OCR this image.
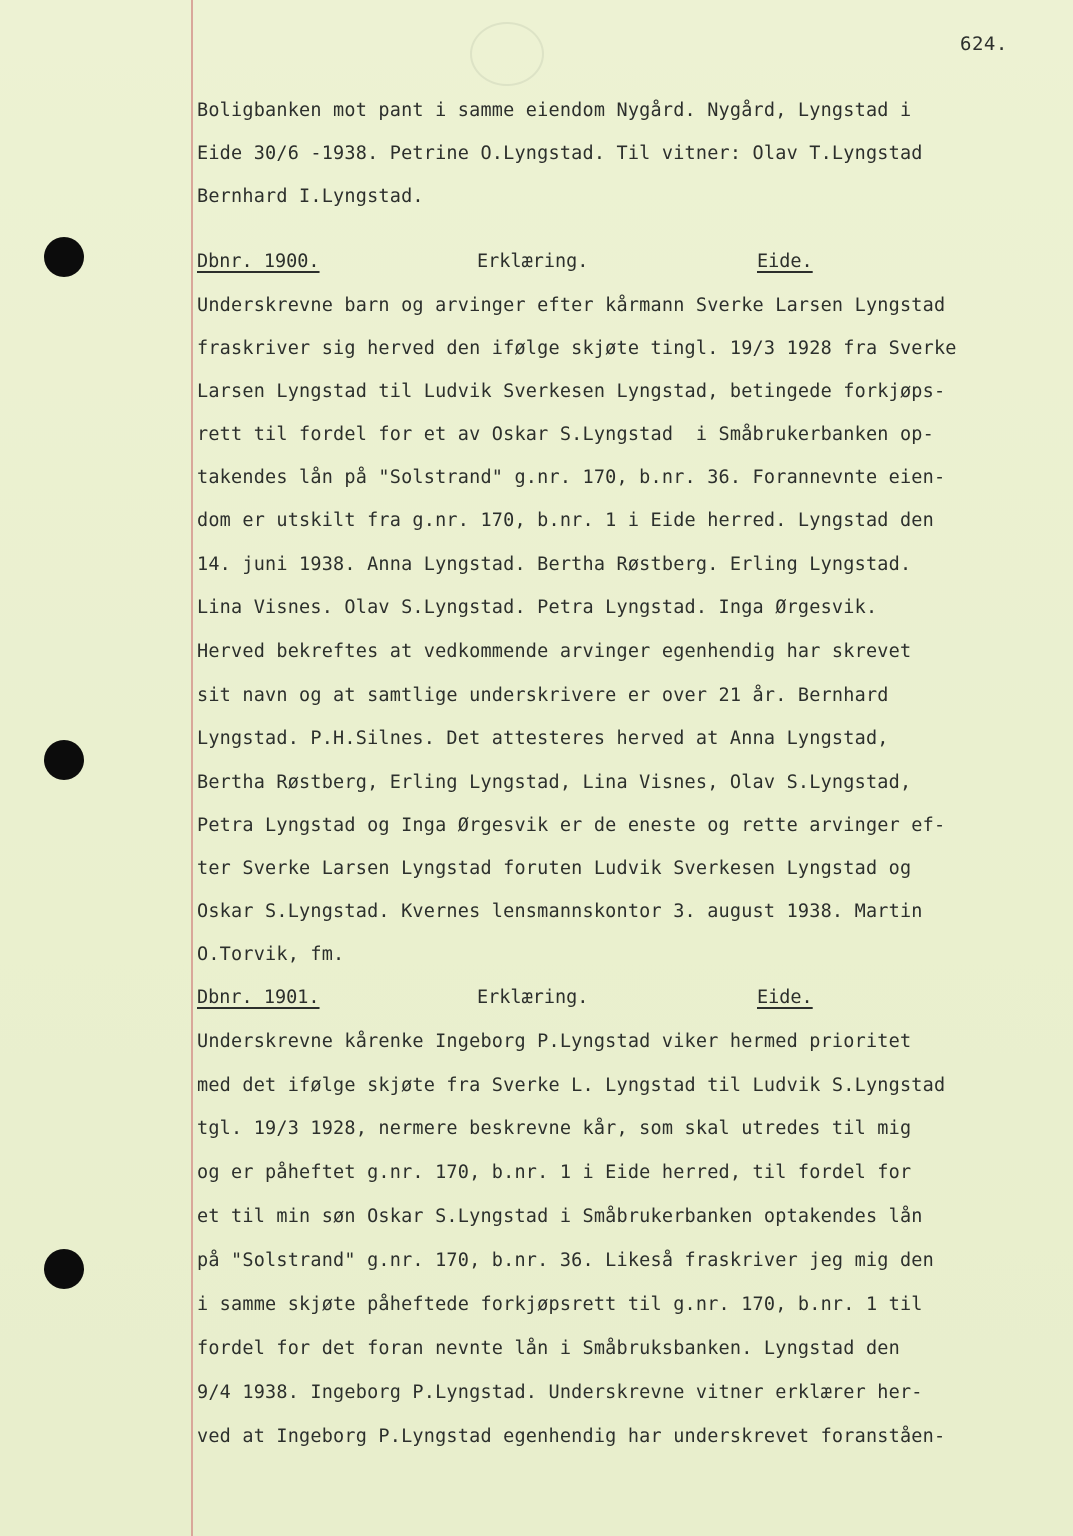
624.

Boligbanken mot pant i samme eiendom Nygård. Nygård, Lyngstad i

Eide 30/6 -1938. Petrine O.Lyngstad. Til vitner: Olav T.Lyngstad

Bernhard I.Lyngstad.

Dbnr. 1900.	Erklæring.	Eide.

Underskrevne barn og arvinger efter kårmann Sverke Larsen Lyngstad

fraskriver sig herved den ifølge skjøte tingl. 19/3 1928 fra Sverke

Larsen Lyngstad til Ludvik Sverkesen Lyngstad, betingede forkjøps-

rett til fordel for et av Oskar S.Lyngstad  i Småbrukerbanken op-

takendes lån på "Solstrand" g.nr. 170, b.nr. 36. Forannevnte eien-

dom er utskilt fra g.nr. 170, b.nr. 1 i Eide herred. Lyngstad den

14. juni 1938. Anna Lyngstad. Bertha Røstberg. Erling Lyngstad.

Lina Visnes. Olav S.Lyngstad. Petra Lyngstad. Inga Ørgesvik.

Herved bekreftes at vedkommende arvinger egenhendig har skrevet

sit navn og at samtlige underskrivere er over 21 år. Bernhard

Lyngstad. P.H.Silnes. Det attesteres herved at Anna Lyngstad,

Bertha Røstberg, Erling Lyngstad, Lina Visnes, Olav S.Lyngstad,

Petra Lyngstad og Inga Ørgesvik er de eneste og rette arvinger ef-

ter Sverke Larsen Lyngstad foruten Ludvik Sverkesen Lyngstad og

Oskar S.Lyngstad. Kvernes lensmannskontor 3. august 1938. Martin

O.Torvik, fm.

Dbnr. 1901.	Erklæring.	Eide.

Underskrevne kårenke Ingeborg P.Lyngstad viker hermed prioritet

med det ifølge skjøte fra Sverke L. Lyngstad til Ludvik S.Lyngstad

tgl. 19/3 1928, nermere beskrevne kår, som skal utredes til mig

og er påheftet g.nr. 170, b.nr. 1 i Eide herred, til fordel for

et til min søn Oskar S.Lyngstad i Småbrukerbanken optakendes lån

på "Solstrand" g.nr. 170, b.nr. 36. Likeså fraskriver jeg mig den

i samme skjøte påheftede forkjøpsrett til g.nr. 170, b.nr. 1 til

fordel for det foran nevnte lån i Småbruksbanken. Lyngstad den

9/4 1938. Ingeborg P.Lyngstad. Underskrevne vitner erklærer her-

ved at Ingeborg P.Lyngstad egenhendig har underskrevet foranståen-
